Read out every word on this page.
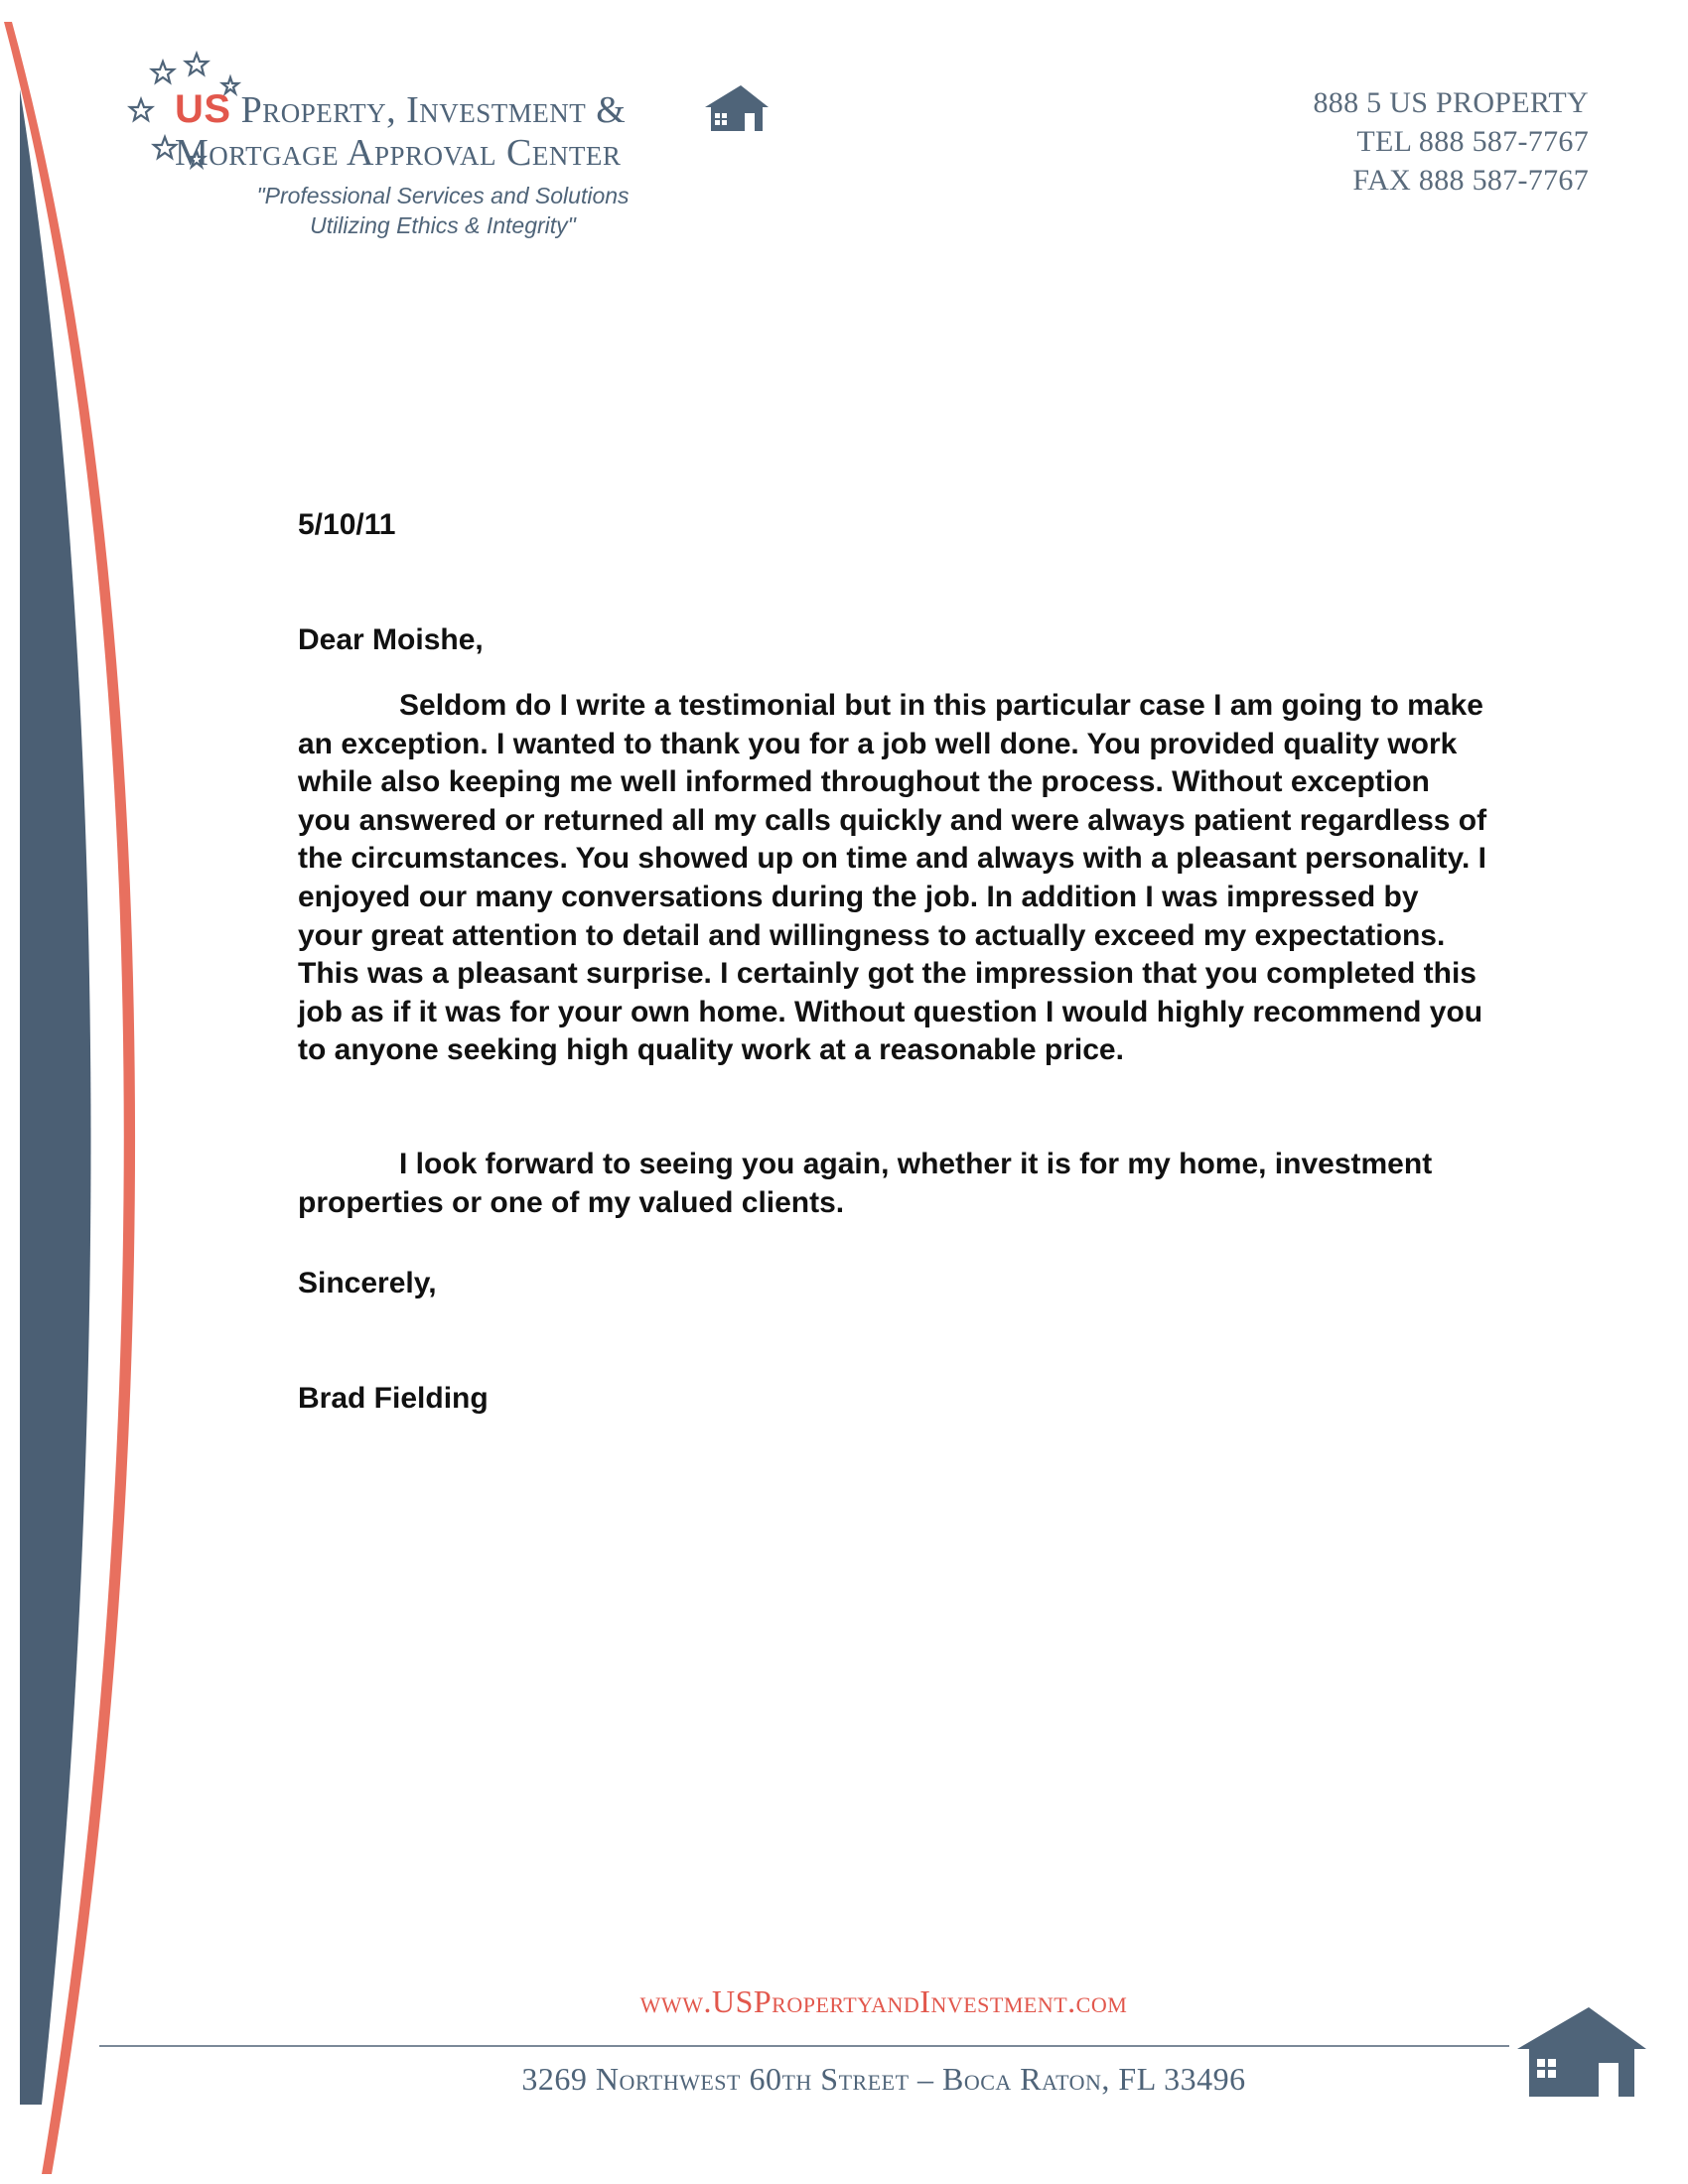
US Property, Investment &
Mortgage Approval Center
"Professional Services and Solutions
Utilizing Ethics & Integrity"
888 5 US PROPERTY
TEL 888 587-7767
FAX 888 587-7767
5/10/11
Dear Moishe,
Seldom do I write a testimonial but in this particular case I am going to make an exception. I wanted to thank you for a job well done. You provided quality work while also keeping me well informed throughout the process. Without exception you answered or returned all my calls quickly and were always patient regardless of the circumstances. You showed up on time and always with a pleasant personality. I enjoyed our many conversations during the job. In addition I was impressed by your great attention to detail and willingness to actually exceed my expectations. This was a pleasant surprise. I certainly got the impression that you completed this job as if it was for your own home. Without question I would highly recommend you to anyone seeking high quality work at a reasonable price.
I look forward to seeing you again, whether it is for my home, investment properties or one of my valued clients.
Sincerely,
Brad Fielding
www.USPropertyandInvestment.com
3269 Northwest 60th Street – Boca Raton, FL 33496
